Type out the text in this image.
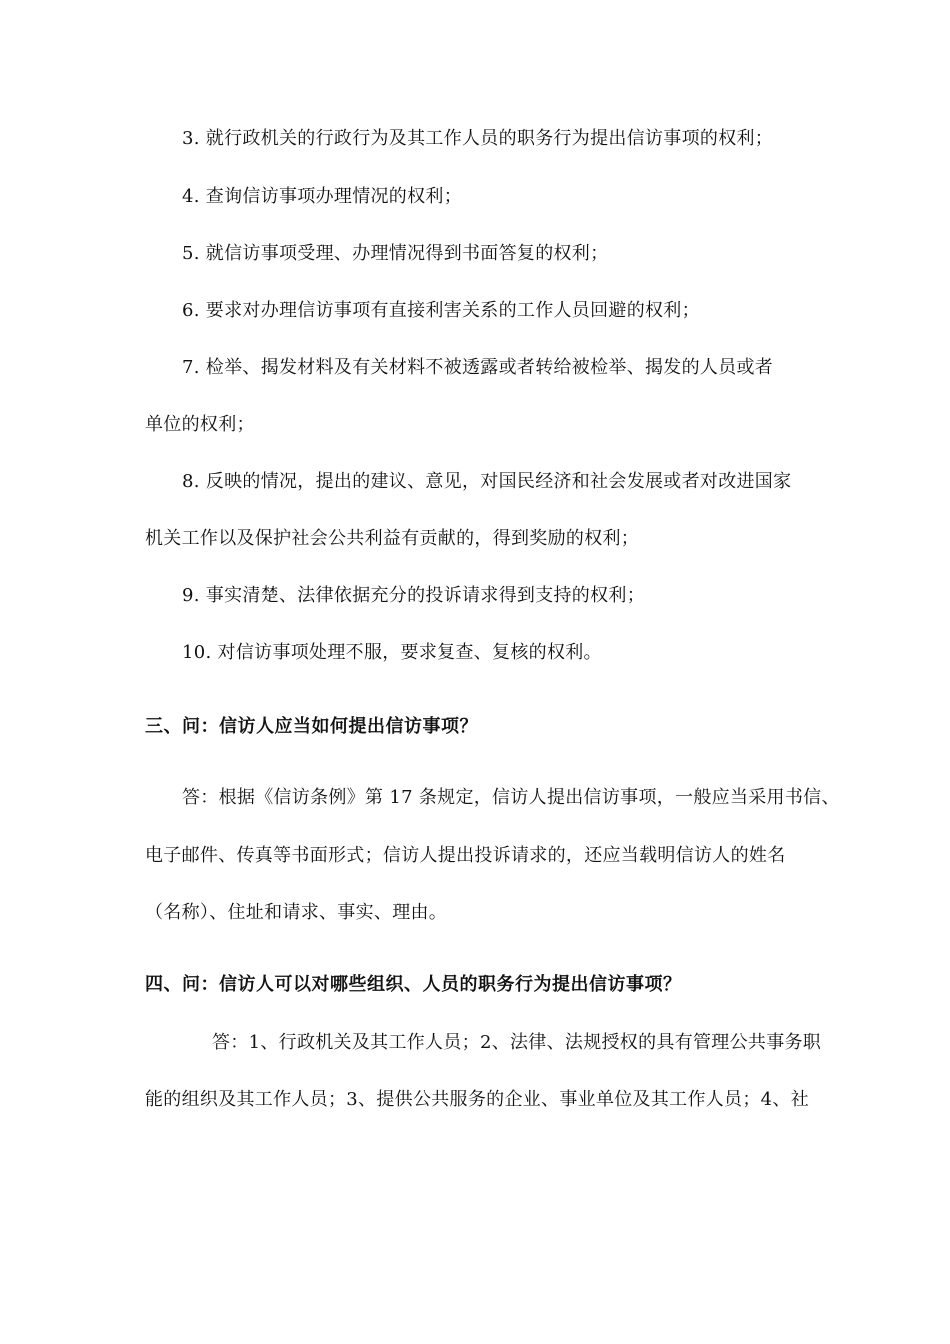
3. 就行政机关的行政行为及其工作人员的职务行为提出信访事项的权利；
4. 查询信访事项办理情况的权利；
5. 就信访事项受理、办理情况得到书面答复的权利；
6. 要求对办理信访事项有直接利害关系的工作人员回避的权利；
7. 检举、揭发材料及有关材料不被透露或者转给被检举、揭发的人员或者
单位的权利；
8. 反映的情况，提出的建议、意见，对国民经济和社会发展或者对改进国家
机关工作以及保护社会公共利益有贡献的，得到奖励的权利；
9. 事实清楚、法律依据充分的投诉请求得到支持的权利；
10. 对信访事项处理不服，要求复查、复核的权利。
三、问：信访人应当如何提出信访事项？
答：根据《信访条例》第 17 条规定，信访人提出信访事项，一般应当采用书信、
电子邮件、传真等书面形式；信访人提出投诉请求的，还应当载明信访人的姓名
（名称）、住址和请求、事实、理由。
四、问：信访人可以对哪些组织、人员的职务行为提出信访事项？
答：1、行政机关及其工作人员；2、法律、法规授权的具有管理公共事务职
能的组织及其工作人员；3、提供公共服务的企业、事业单位及其工作人员；4、社
